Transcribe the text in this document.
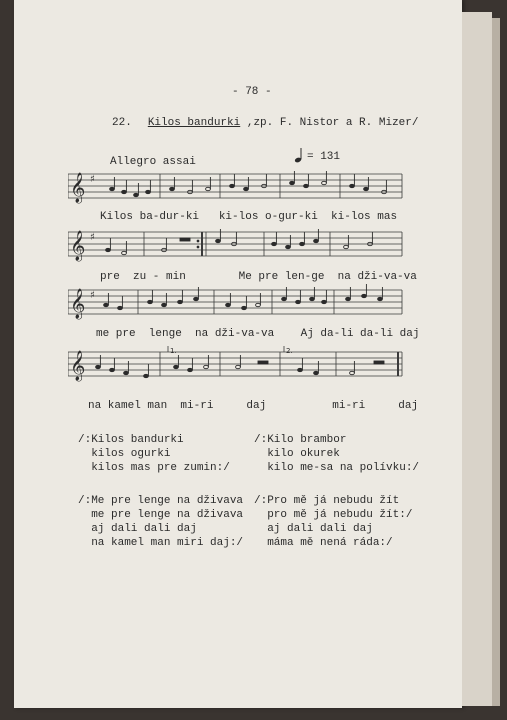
- 78 -
22. Kilos bandurki ,zp. F. Nistor a R. Mizer/
Allegro assai	= 131
𝄞 ♯
Kilos ba-dur-ki   ki-los o-gur-ki  ki-los mas
𝄞 ♯
pre  zu - min        Me pre len-ge  na dži-va-va
𝄞 ♯
me pre  lenge  na dži-va-va    Aj da-li da-li daj
1.	2.
𝄞
na kamel man  mi-ri     daj          mi-ri     daj
/:Kilos bandurki
kilos ogurki
kilos mas pre zumin:/
/:Kilo brambor
kilo okurek
kilo me-sa na polívku:/
/:Me pre lenge na dživava
me pre lenge na dživava
aj dali dali daj
na kamel man miri daj:/
/:Pro mě já nebudu žít
pro mě já nebudu žít:/
aj dali dali daj
máma mě nená ráda:/
